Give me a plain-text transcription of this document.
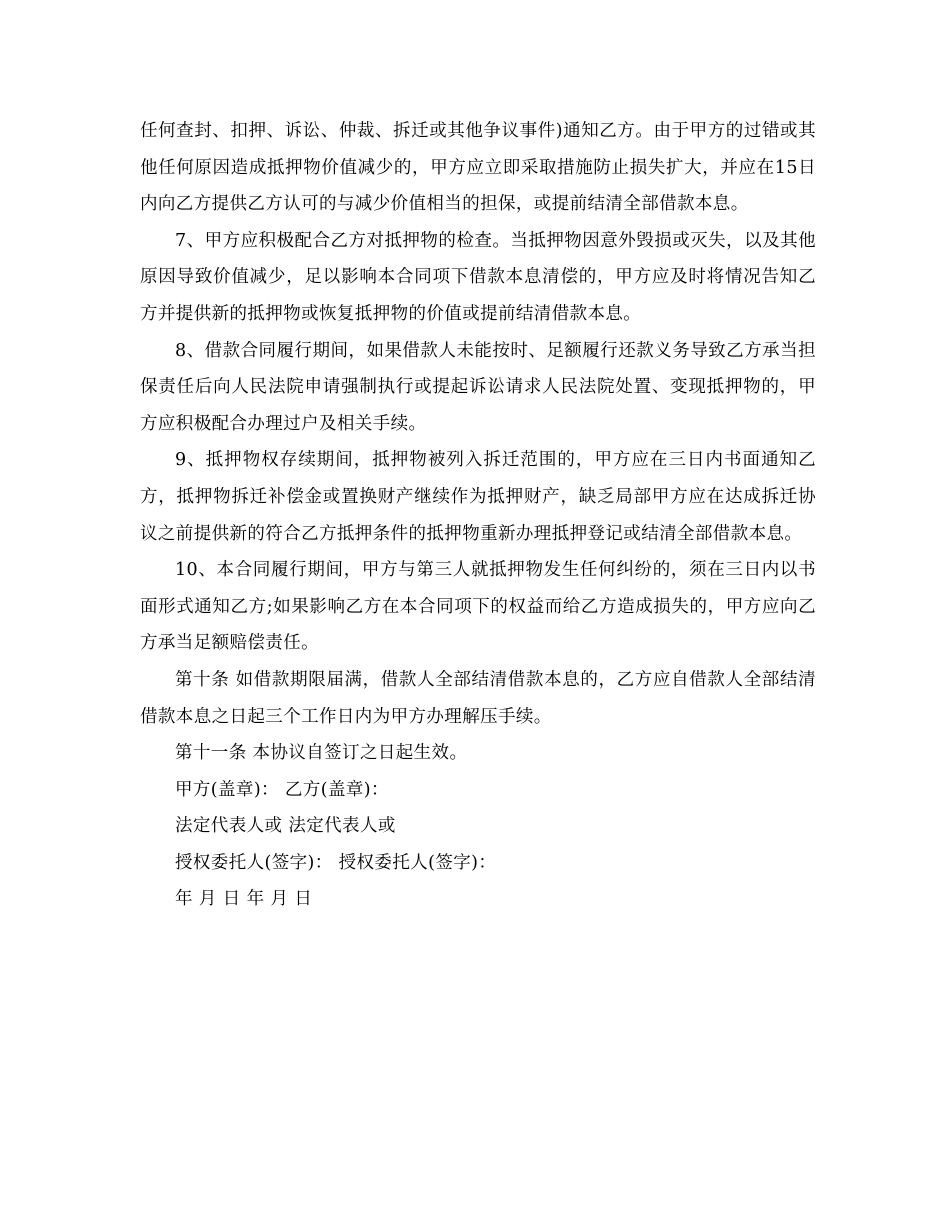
任何查封、扣押、诉讼、仲裁、拆迁或其他争议事件)通知乙方。由于甲方的过错或其他任何原因造成抵押物价值减少的，甲方应立即采取措施防止损失扩大，并应在15日内向乙方提供乙方认可的与减少价值相当的担保，或提前结清全部借款本息。

7、甲方应积极配合乙方对抵押物的检查。当抵押物因意外毁损或灭失，以及其他原因导致价值减少，足以影响本合同项下借款本息清偿的，甲方应及时将情况告知乙方并提供新的抵押物或恢复抵押物的价值或提前结清借款本息。

8、借款合同履行期间，如果借款人未能按时、足额履行还款义务导致乙方承当担保责任后向人民法院申请强制执行或提起诉讼请求人民法院处置、变现抵押物的，甲方应积极配合办理过户及相关手续。

9、抵押物权存续期间，抵押物被列入拆迁范围的，甲方应在三日内书面通知乙方，抵押物拆迁补偿金或置换财产继续作为抵押财产，缺乏局部甲方应在达成拆迁协议之前提供新的符合乙方抵押条件的抵押物重新办理抵押登记或结清全部借款本息。

10、本合同履行期间，甲方与第三人就抵押物发生任何纠纷的，须在三日内以书面形式通知乙方;如果影响乙方在本合同项下的权益而给乙方造成损失的，甲方应向乙方承当足额赔偿责任。

第十条 如借款期限届满，借款人全部结清借款本息的，乙方应自借款人全部结清借款本息之日起三个工作日内为甲方办理解压手续。

第十一条 本协议自签订之日起生效。

甲方(盖章)： 乙方(盖章)：

法定代表人或 法定代表人或

授权委托人(签字)： 授权委托人(签字)：

年 月 日 年 月 日
